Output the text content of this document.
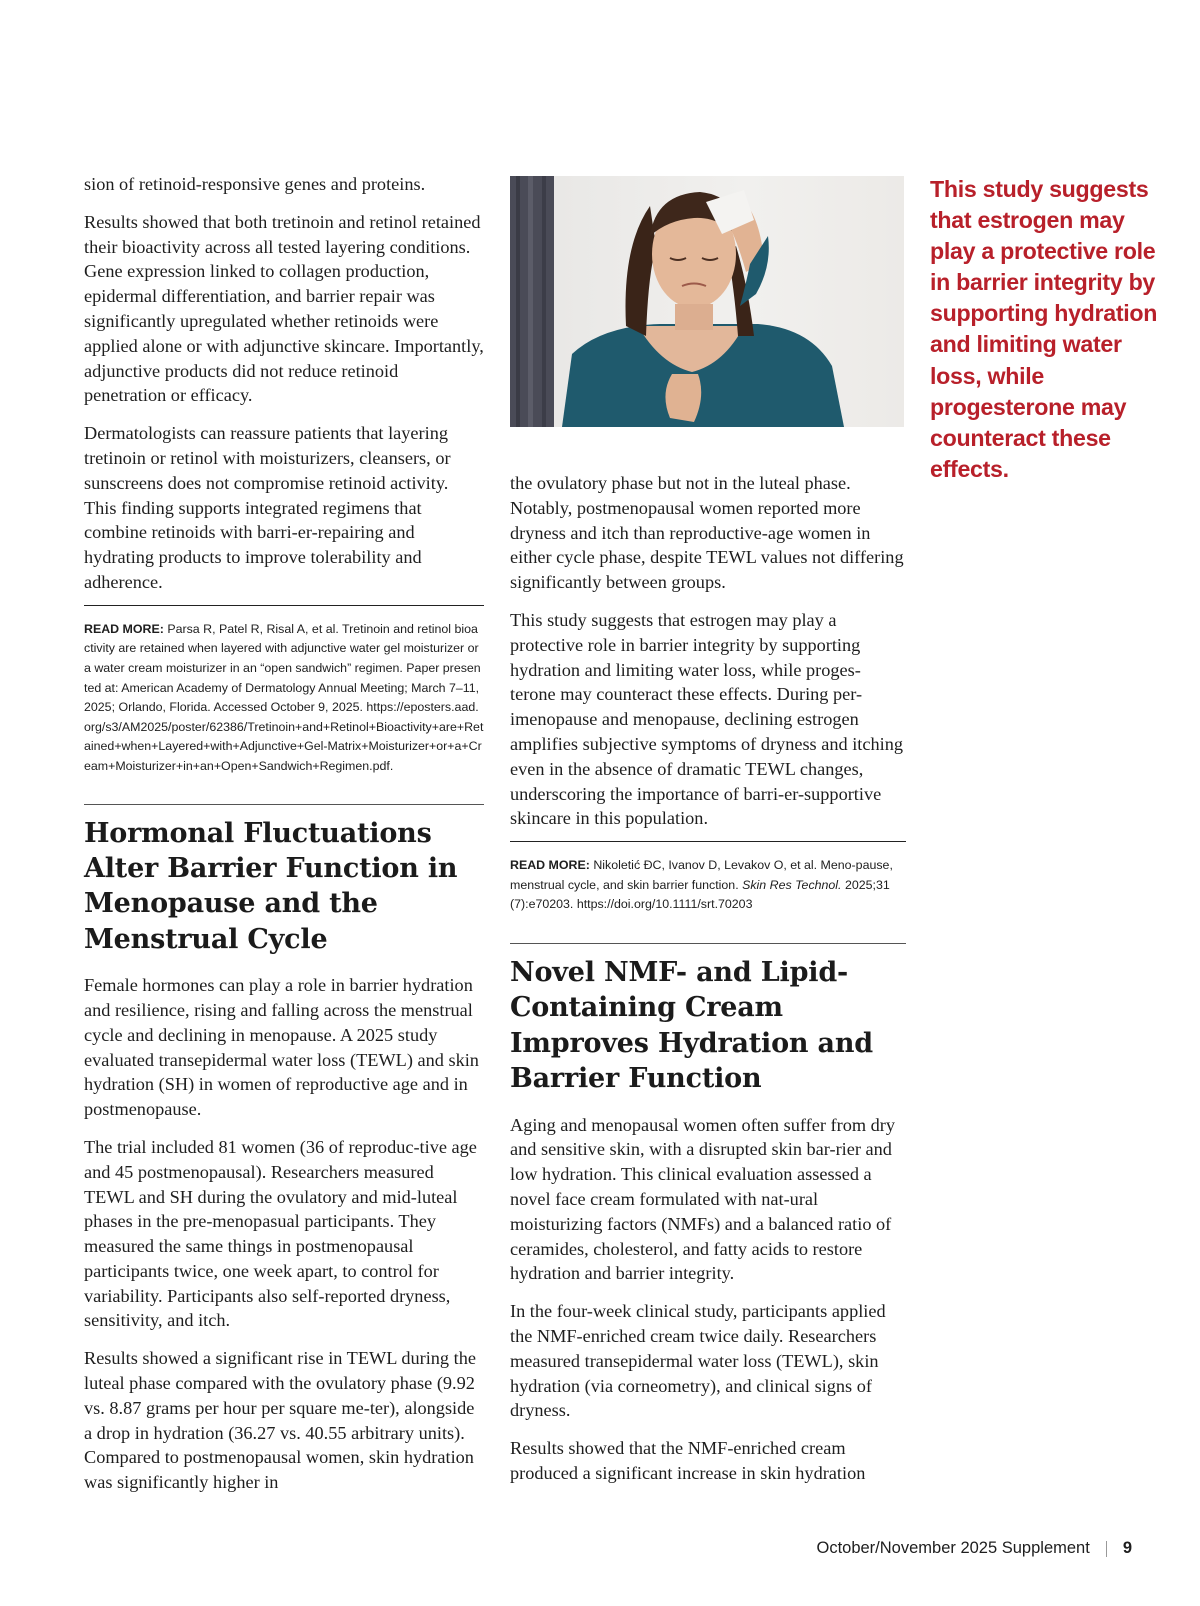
sion of retinoid-responsive genes and proteins.

Results showed that both tretinoin and retinol retained their bioactivity across all tested layering conditions. Gene expression linked to collagen production, epidermal differentiation, and barrier repair was significantly upregulated whether retinoids were applied alone or with adjunctive skincare. Importantly, adjunctive products did not reduce retinoid penetration or efficacy.

Dermatologists can reassure patients that layering tretinoin or retinol with moisturizers, cleansers, or sunscreens does not compromise retinoid activity. This finding supports integrated regimens that combine retinoids with barri-er-repairing and hydrating products to improve tolerability and adherence.

READ MORE: Parsa R, Patel R, Risal A, et al. Tretinoin and retinol bioactivity are retained when layered with adjunctive water gel moisturizer or a water cream moisturizer in an “open sandwich” regimen. Paper presented at: American Academy of Dermatology Annual Meeting; March 7–11, 2025; Orlando, Florida. Accessed October 9, 2025. https://eposters.aad.org/s3/AM2025/poster/62386/Tretinoin+and+Retinol+Bioactivity+are+Retained+when+Layered+with+Adjunctive+Gel-Matrix+Moisturizer+or+a+Cream+Moisturizer+in+an+Open+Sandwich+Regimen.pdf.

Hormonal Fluctuations Alter Barrier Function in Menopause and the Menstrual Cycle

Female hormones can play a role in barrier hydration and resilience, rising and falling across the menstrual cycle and declining in menopause. A 2025 study evaluated transepidermal water loss (TEWL) and skin hydration (SH) in women of reproductive age and in postmenopause.

The trial included 81 women (36 of reproduc-tive age and 45 postmenopausal). Researchers measured TEWL and SH during the ovulatory and mid-luteal phases in the pre-menopasual participants. They measured the same things in postmenopausal participants twice, one week apart, to control for variability. Participants also self-reported dryness, sensitivity, and itch.

Results showed a significant rise in TEWL during the luteal phase compared with the ovulatory phase (9.92 vs. 8.87 grams per hour per square me-ter), alongside a drop in hydration (36.27 vs. 40.55 arbitrary units). Compared to postmenopausal women, skin hydration was significantly higher in

the ovulatory phase but not in the luteal phase. Notably, postmenopausal women reported more dryness and itch than reproductive-age women in either cycle phase, despite TEWL values not differing significantly between groups.

This study suggests that estrogen may play a protective role in barrier integrity by supporting hydration and limiting water loss, while proges-terone may counteract these effects. During per-imenopause and menopause, declining estrogen amplifies subjective symptoms of dryness and itching even in the absence of dramatic TEWL changes, underscoring the importance of barri-er-supportive skincare in this population.

READ MORE: Nikoletić ĐC, Ivanov D, Levakov O, et al. Meno-pause, menstrual cycle, and skin barrier function. Skin Res Technol. 2025;31(7):e70203. https://doi.org/10.1111/srt.70203

Novel NMF- and Lipid-Containing Cream Improves Hydration and Barrier Function

Aging and menopausal women often suffer from dry and sensitive skin, with a disrupted skin bar-rier and low hydration. This clinical evaluation assessed a novel face cream formulated with nat-ural moisturizing factors (NMFs) and a balanced ratio of ceramides, cholesterol, and fatty acids to restore hydration and barrier integrity.

In the four-week clinical study, participants applied the NMF-enriched cream twice daily. Researchers measured transepidermal water loss (TEWL), skin hydration (via corneometry), and clinical signs of dryness.

Results showed that the NMF-enriched cream produced a significant increase in skin hydration

This study suggests that estrogen may play a protective role in barrier integrity by supporting hydration and limiting water loss, while progesterone may counteract these effects.

October/November 2025 Supplement 9
